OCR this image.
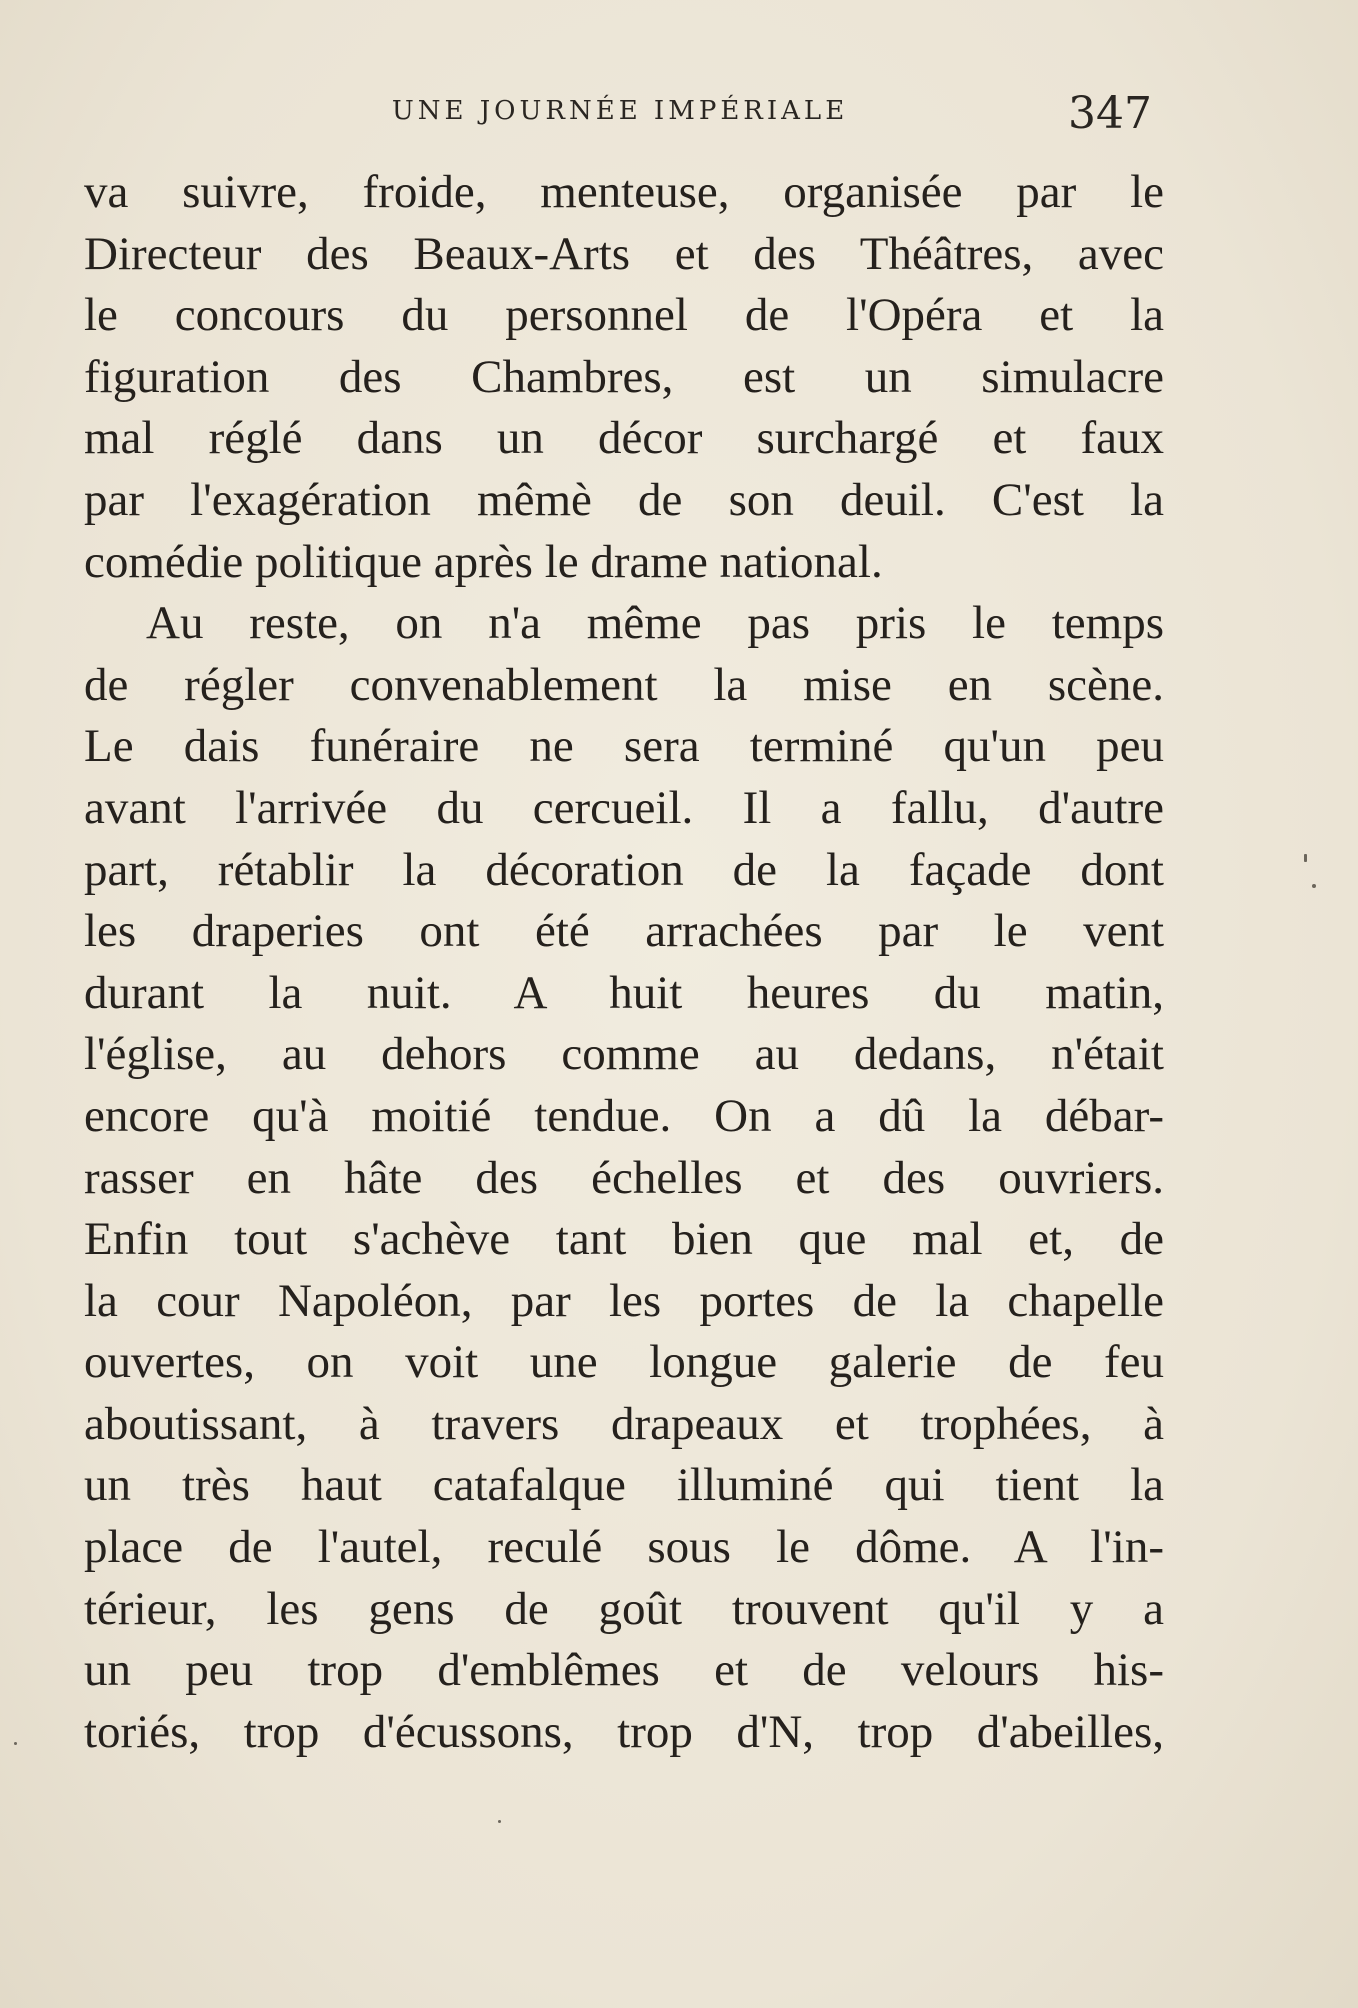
UNE JOURNÉE IMPÉRIALE	347
va suivre, froide, menteuse, organisée par le
Directeur des Beaux-Arts et des Théâtres, avec
le concours du personnel de l'Opéra et la
figuration des Chambres, est un simulacre
mal réglé dans un décor surchargé et faux
par l'exagération mêmè de son deuil. C'est la
comédie politique après le drame national.
Au reste, on n'a même pas pris le temps
de régler convenablement la mise en scène.
Le dais funéraire ne sera terminé qu'un peu
avant l'arrivée du cercueil. Il a fallu, d'autre
part, rétablir la décoration de la façade dont
les draperies ont été arrachées par le vent
durant la nuit. A huit heures du matin,
l'église, au dehors comme au dedans, n'était
encore qu'à moitié tendue. On a dû la débar-
rasser en hâte des échelles et des ouvriers.
Enfin tout s'achève tant bien que mal et, de
la cour Napoléon, par les portes de la chapelle
ouvertes, on voit une longue galerie de feu
aboutissant, à travers drapeaux et trophées, à
un très haut catafalque illuminé qui tient la
place de l'autel, reculé sous le dôme. A l'in-
térieur, les gens de goût trouvent qu'il y a
un peu trop d'emblêmes et de velours his-
toriés, trop d'écussons, trop d'N, trop d'abeilles,
